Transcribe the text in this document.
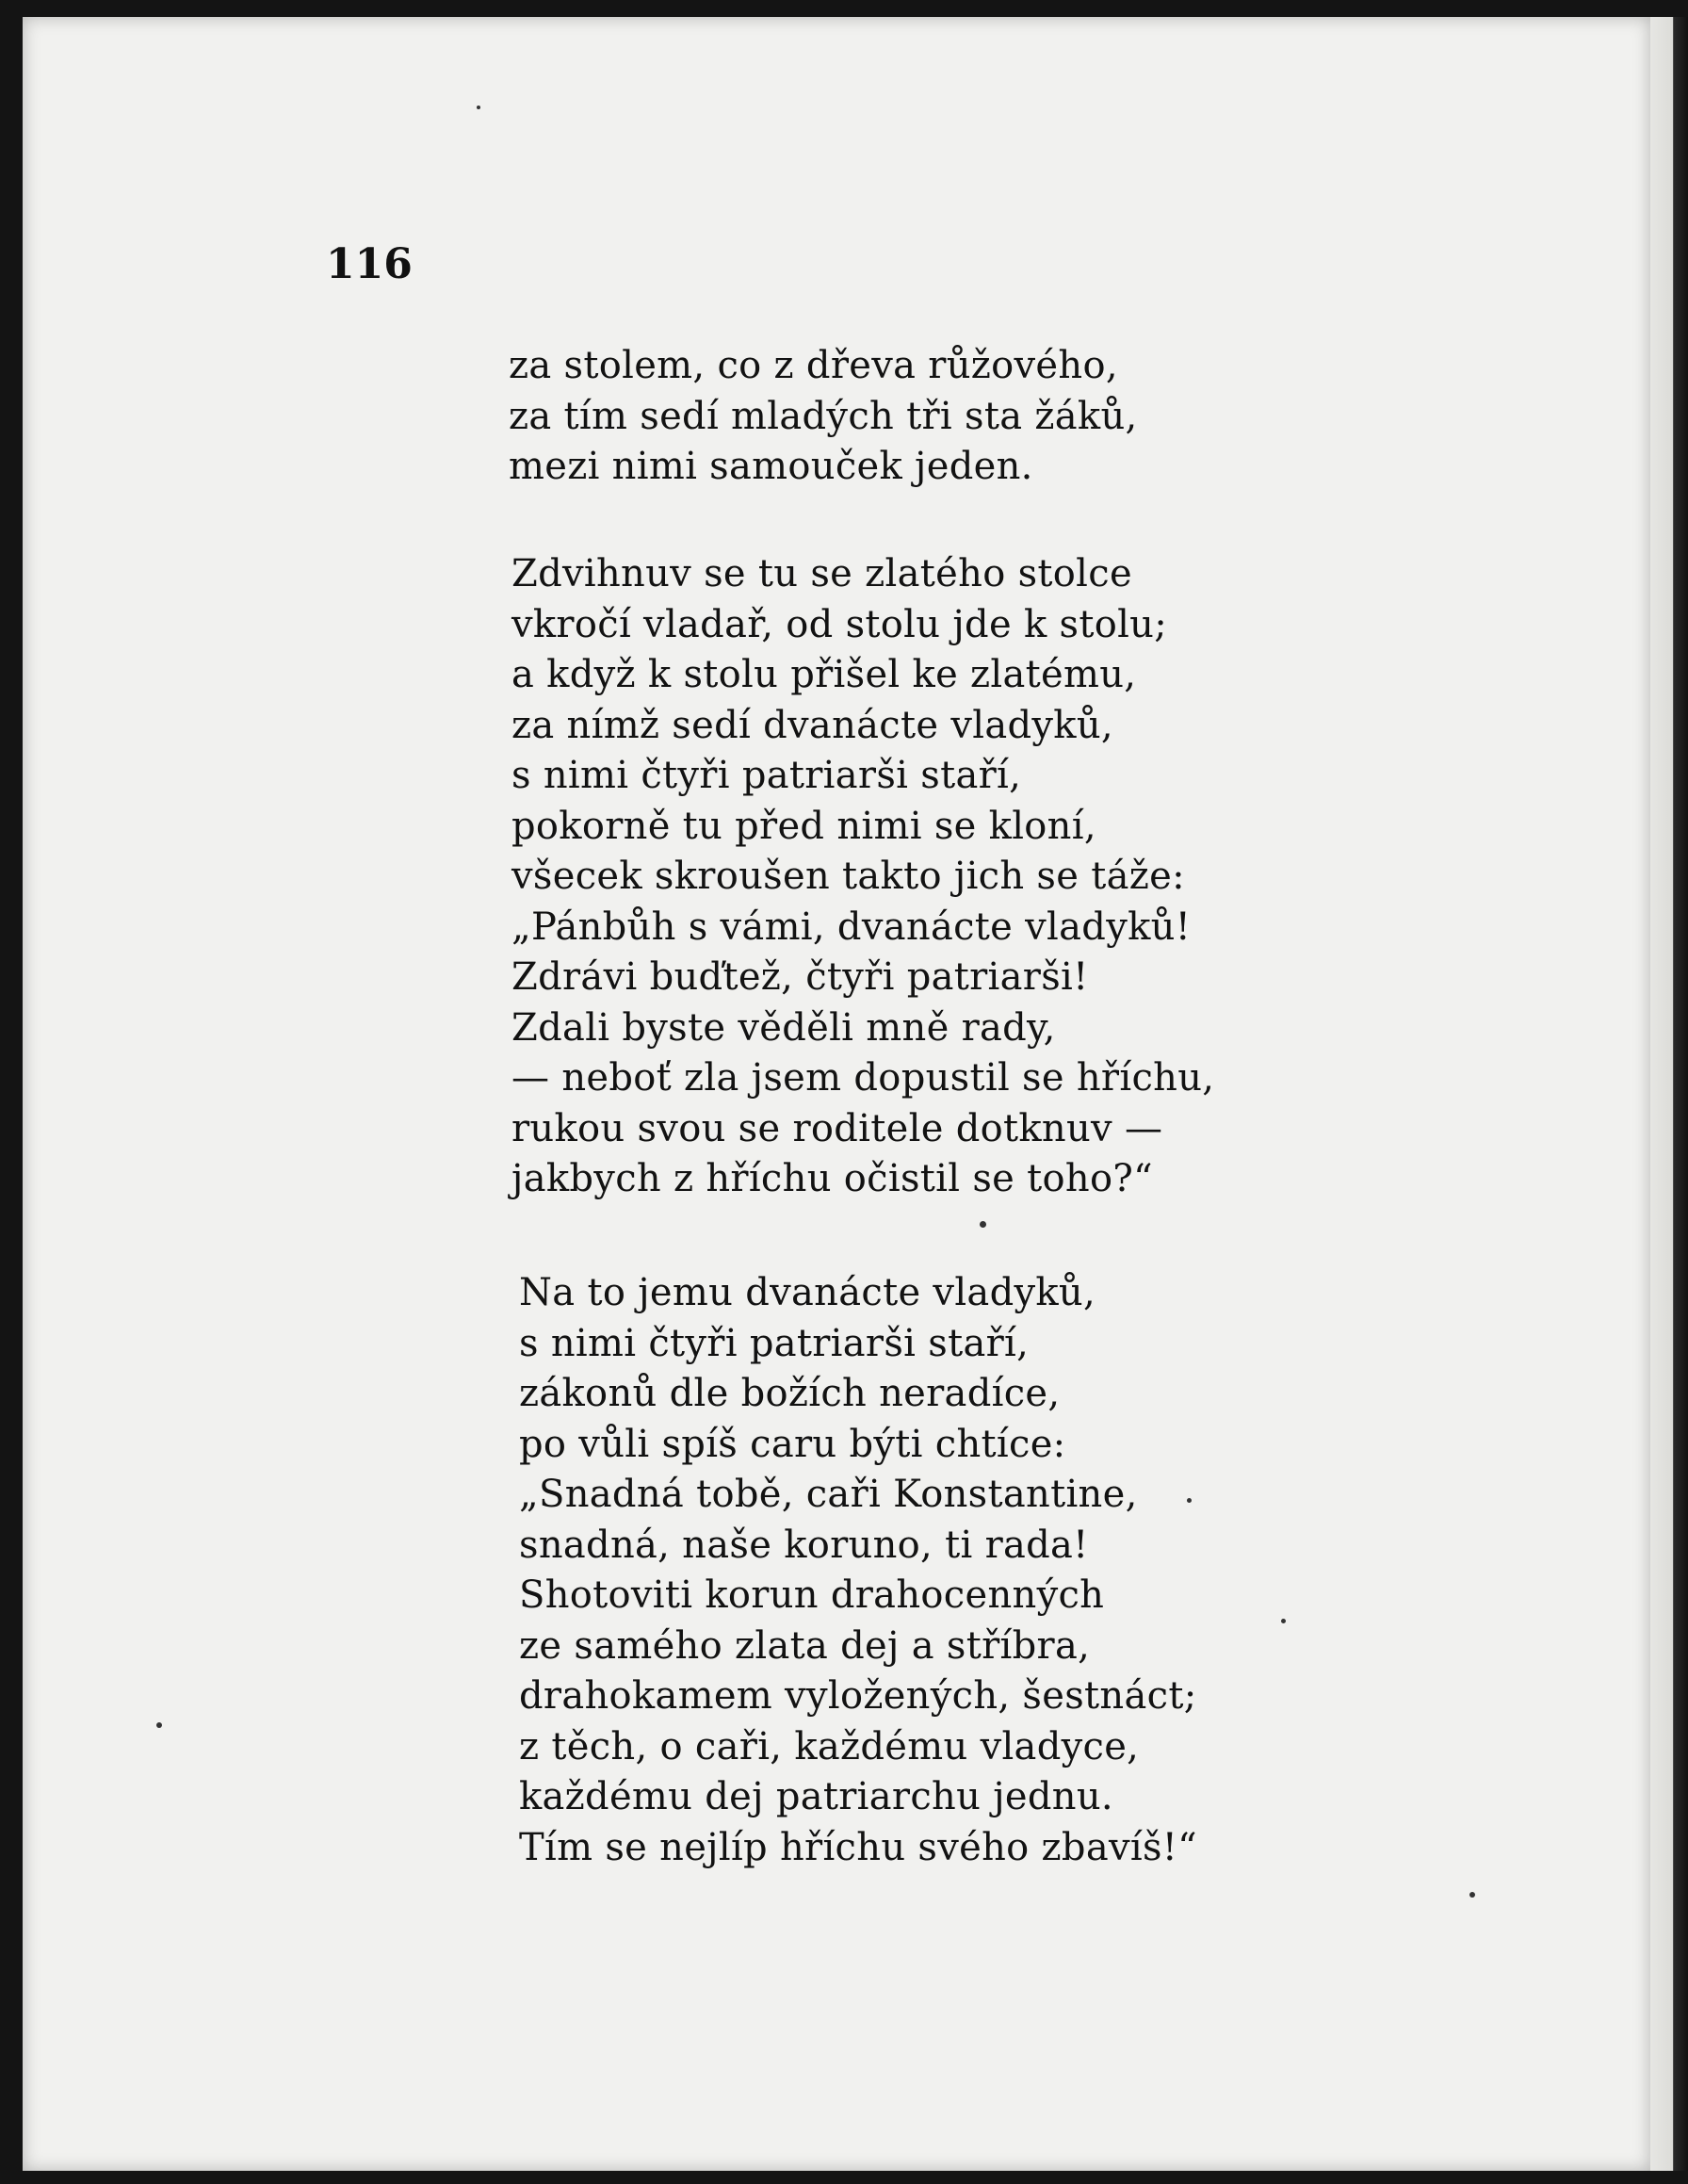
116

za stolem, co z dřeva růžového,
za tím sedí mladých tři sta žáků,
mezi nimi samouček jeden.
Zdvihnuv se tu se zlatého stolce
vkročí vladař, od stolu jde k stolu;
a když k stolu přišel ke zlatému,
za nímž sedí dvanácte vladyků,
s nimi čtyři patriarši staří,
pokorně tu před nimi se kloní,
všecek skroušen takto jich se táže:
„Pánbůh s vámi, dvanácte vladyků!
Zdrávi buďtež, čtyři patriarši!
Zdali byste věděli mně rady,
— neboť zla jsem dopustil se hříchu,
rukou svou se roditele dotknuv —
jakbych z hříchu očistil se toho?“
Na to jemu dvanácte vladyků,
s nimi čtyři patriarši staří,
zákonů dle božích neradíce,
po vůli spíš caru býti chtíce:
„Snadná tobě, caři Konstantine,
snadná, naše koruno, ti rada!
Shotoviti korun drahocenných
ze samého zlata dej a stříbra,
drahokamem vyložených, šestnáct;
z těch, o caři, každému vladyce,
každému dej patriarchu jednu.
Tím se nejlíp hříchu svého zbavíš!“
